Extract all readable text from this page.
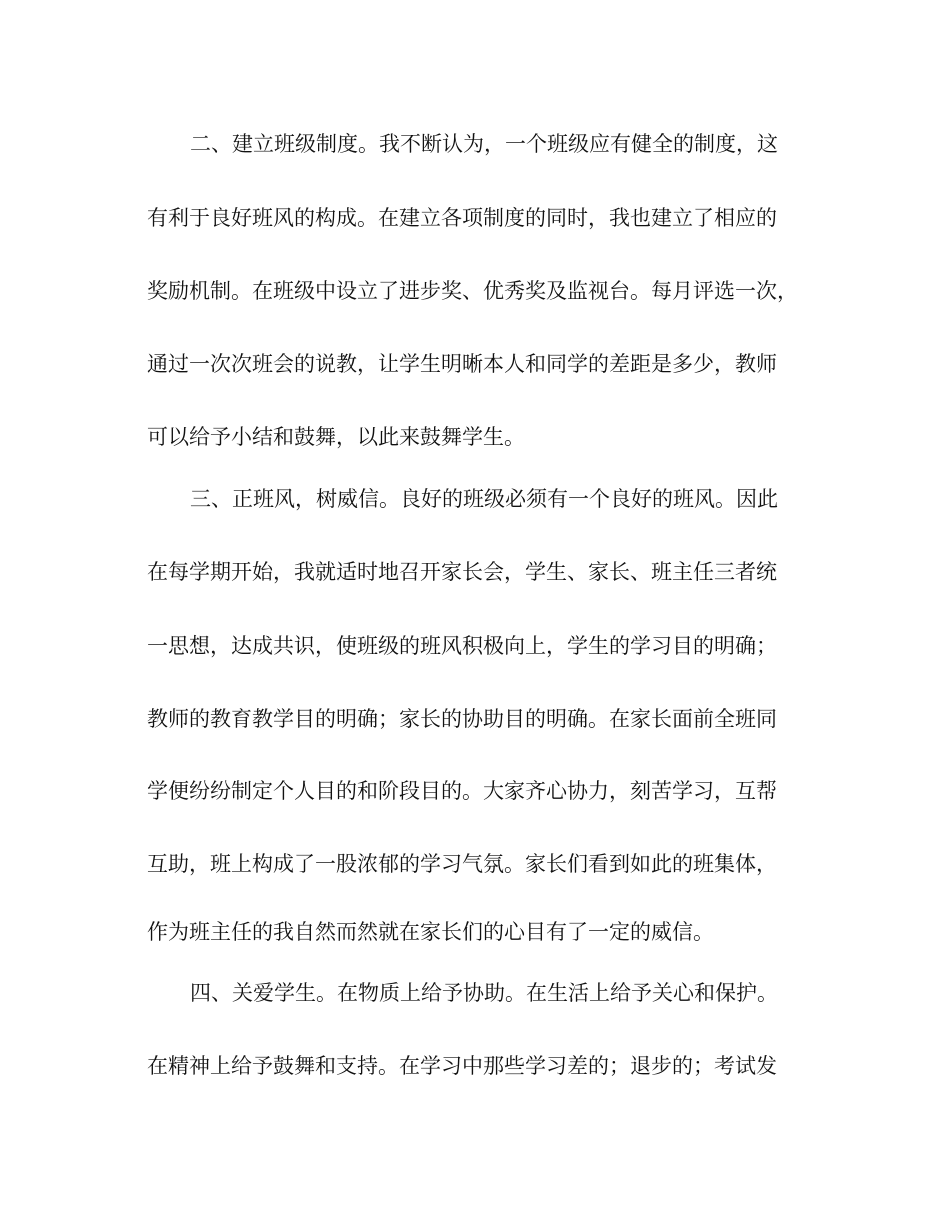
二、建立班级制度。我不断认为，一个班级应有健全的制度，这
有利于良好班风的构成。在建立各项制度的同时，我也建立了相应的
奖励机制。在班级中设立了进步奖、优秀奖及监视台。每月评选一次，
通过一次次班会的说教，让学生明晰本人和同学的差距是多少，教师
可以给予小结和鼓舞，以此来鼓舞学生。
三、正班风，树威信。良好的班级必须有一个良好的班风。因此
在每学期开始，我就适时地召开家长会，学生、家长、班主任三者统
一思想，达成共识，使班级的班风积极向上，学生的学习目的明确；
教师的教育教学目的明确；家长的协助目的明确。在家长面前全班同
学便纷纷制定个人目的和阶段目的。大家齐心协力，刻苦学习，互帮
互助，班上构成了一股浓郁的学习气氛。家长们看到如此的班集体，
作为班主任的我自然而然就在家长们的心目有了一定的威信。
四、关爱学生。在物质上给予协助。在生活上给予关心和保护。
在精神上给予鼓舞和支持。在学习中那些学习差的；退步的；考试发
